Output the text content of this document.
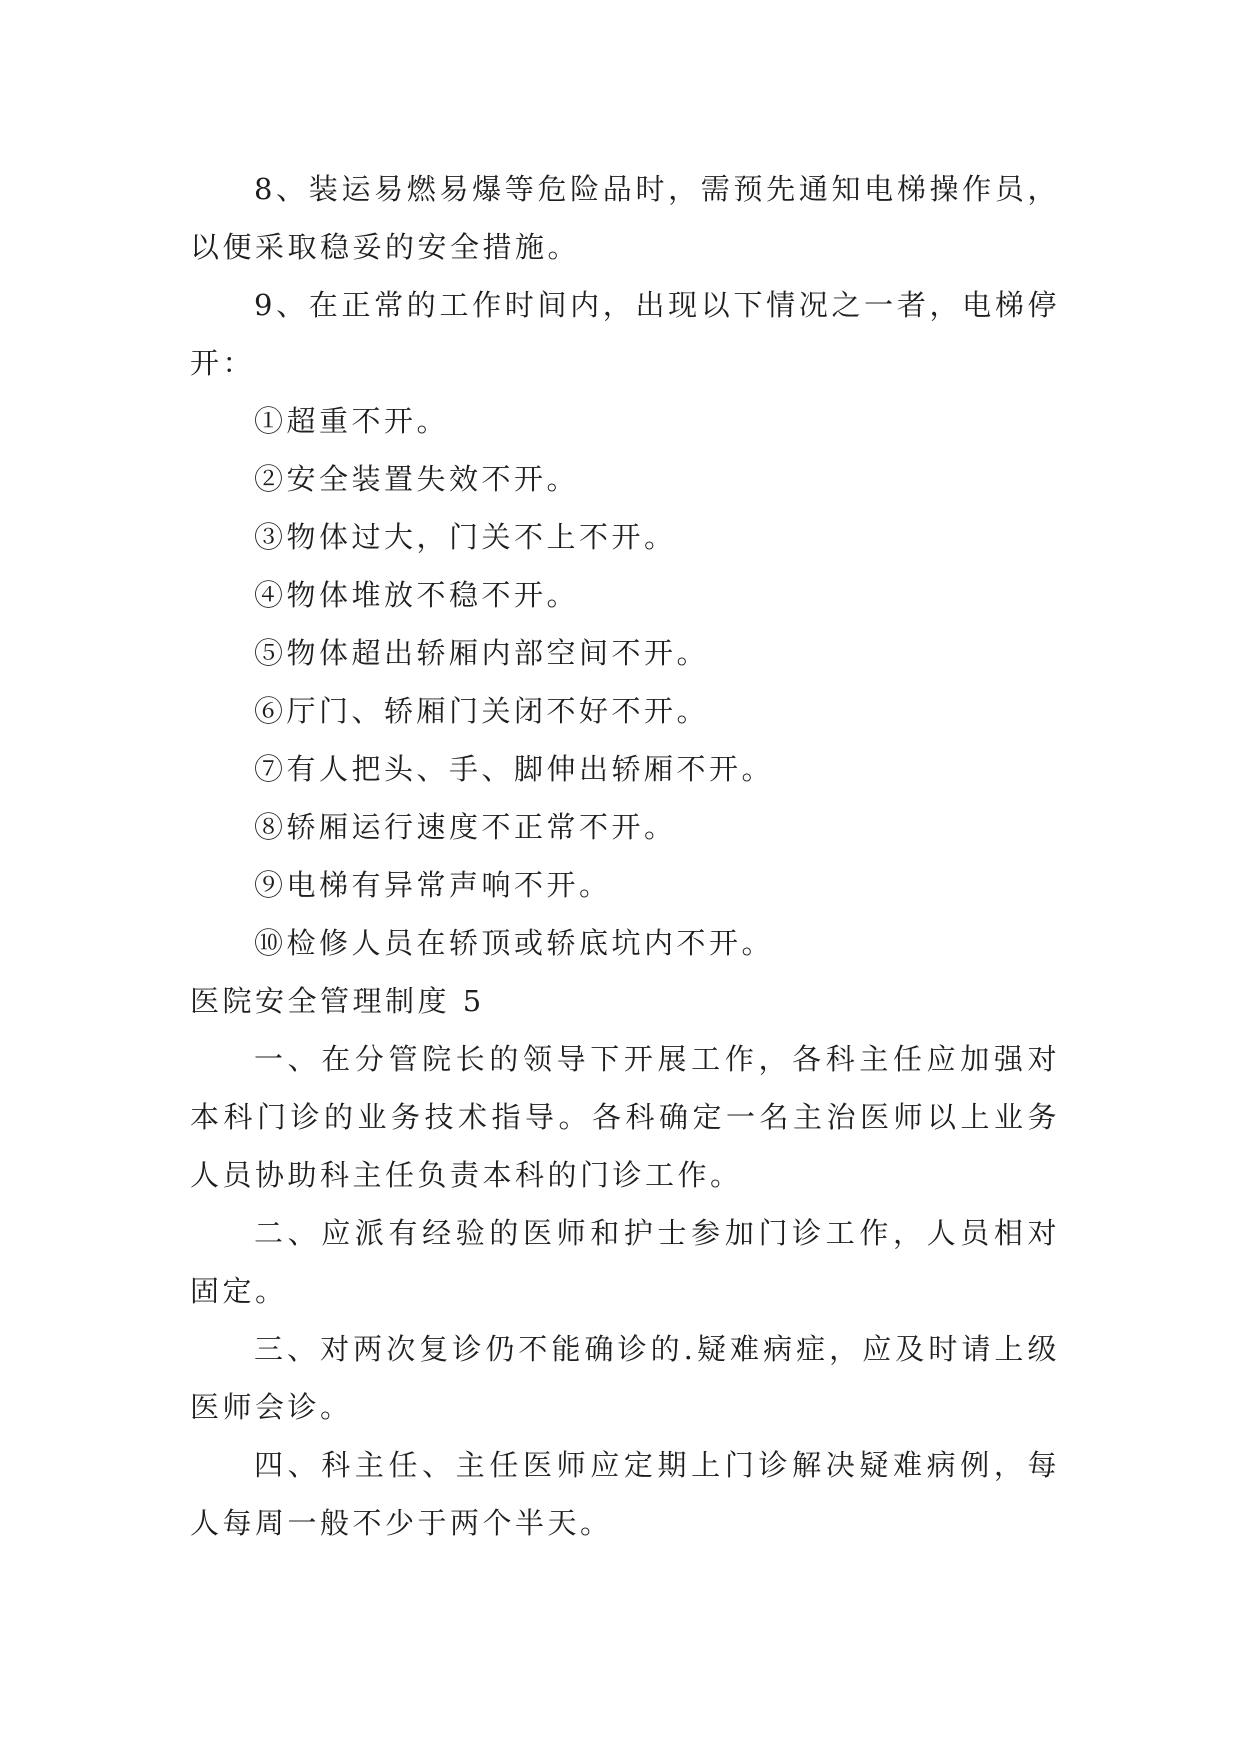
8、装运易燃易爆等危险品时，需预先通知电梯操作员，以便采取稳妥的安全措施。

9、在正常的工作时间内，出现以下情况之一者，电梯停开：

①超重不开。

②安全装置失效不开。

③物体过大，门关不上不开。

④物体堆放不稳不开。

⑤物体超出轿厢内部空间不开。

⑥厅门、轿厢门关闭不好不开。

⑦有人把头、手、脚伸出轿厢不开。

⑧轿厢运行速度不正常不开。

⑨电梯有异常声响不开。

⑩检修人员在轿顶或轿底坑内不开。

医院安全管理制度 5

一、在分管院长的领导下开展工作，各科主任应加强对本科门诊的业务技术指导。各科确定一名主治医师以上业务人员协助科主任负责本科的门诊工作。

二、应派有经验的医师和护士参加门诊工作，人员相对固定。

三、对两次复诊仍不能确诊的.疑难病症，应及时请上级医师会诊。

四、科主任、主任医师应定期上门诊解决疑难病例，每人每周一般不少于两个半天。
